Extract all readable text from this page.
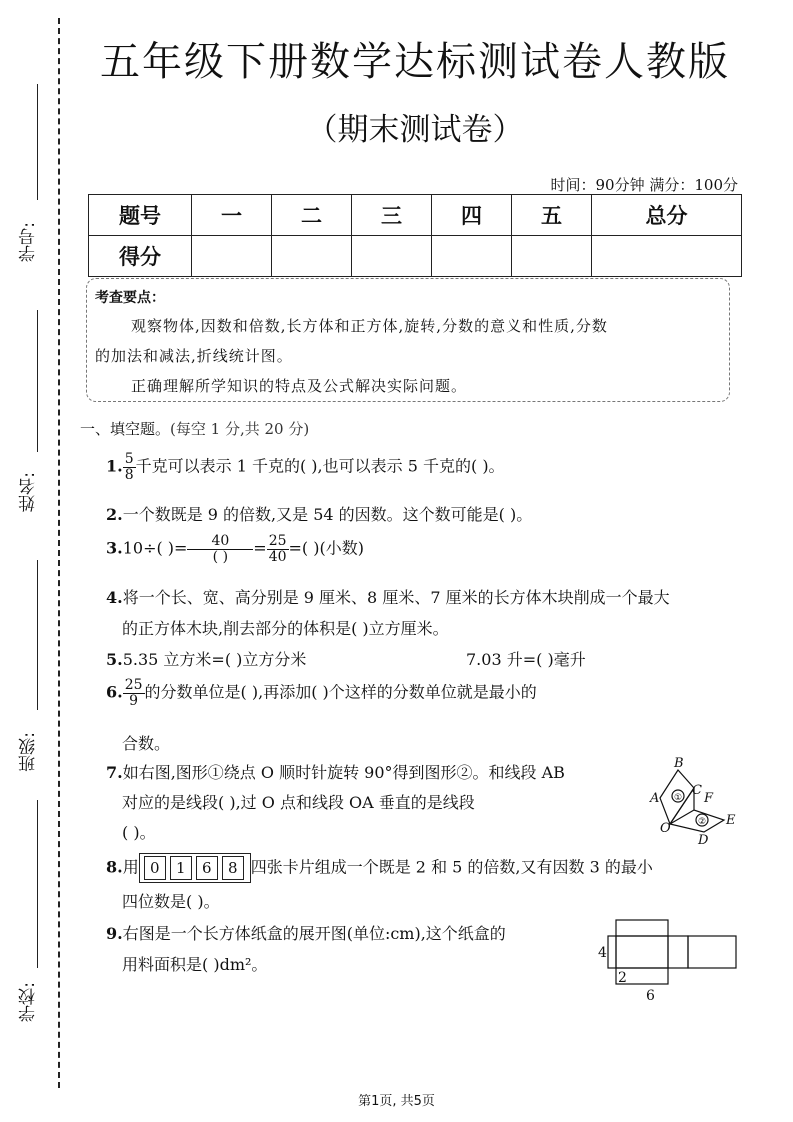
学号:
姓名:
班级:
学校:
五年级下册数学达标测试卷人教版
（期末测试卷）
时间：90分钟 满分：100分
题号	一	二	三	四	五	总分
得分						
考查要点：
观察物体,因数和倍数,长方体和正方体,旋转,分数的意义和性质,分数
的加法和减法,折线统计图。
正确理解所学知识的特点及公式解决实际问题。
一、填空题。(每空 1 分,共 20 分)
1. $\frac{5}{8}$ 千克可以表示 1 千克的( ),也可以表示 5 千克的( )。
2.一个数既是 9 的倍数,又是 54 的因数。这个数可能是( )。
3.10÷( )= $\frac{40}{( )} = \frac{25}{40}$ =( )(小数)
4.将一个长、宽、高分别是 9 厘米、8 厘米、7 厘米的长方体木块削成一个最大
的正方体木块,削去部分的体积是( )立方厘米。
5.5.35 立方米=( )立方分米	7.03 升=( )毫升
6. $\frac{25}{9}$ 的分数单位是( ),再添加( )个这样的分数单位就是最小的
合数。
7.如右图,图形①绕点 O 顺时针旋转 90°得到图形②。和线段 AB
对应的是线段( ),过 O 点和线段 OA 垂直的是线段
( )。
B
A
C
F
E
D
O
①
②
8.用 0 1 6 8 四张卡片组成一个既是 2 和 5 的倍数,又有因数 3 的最小
四位数是( )。
9.右图是一个长方体纸盒的展开图(单位:cm),这个纸盒的
用料面积是( )dm²。
4
2
6
第1页, 共5页
